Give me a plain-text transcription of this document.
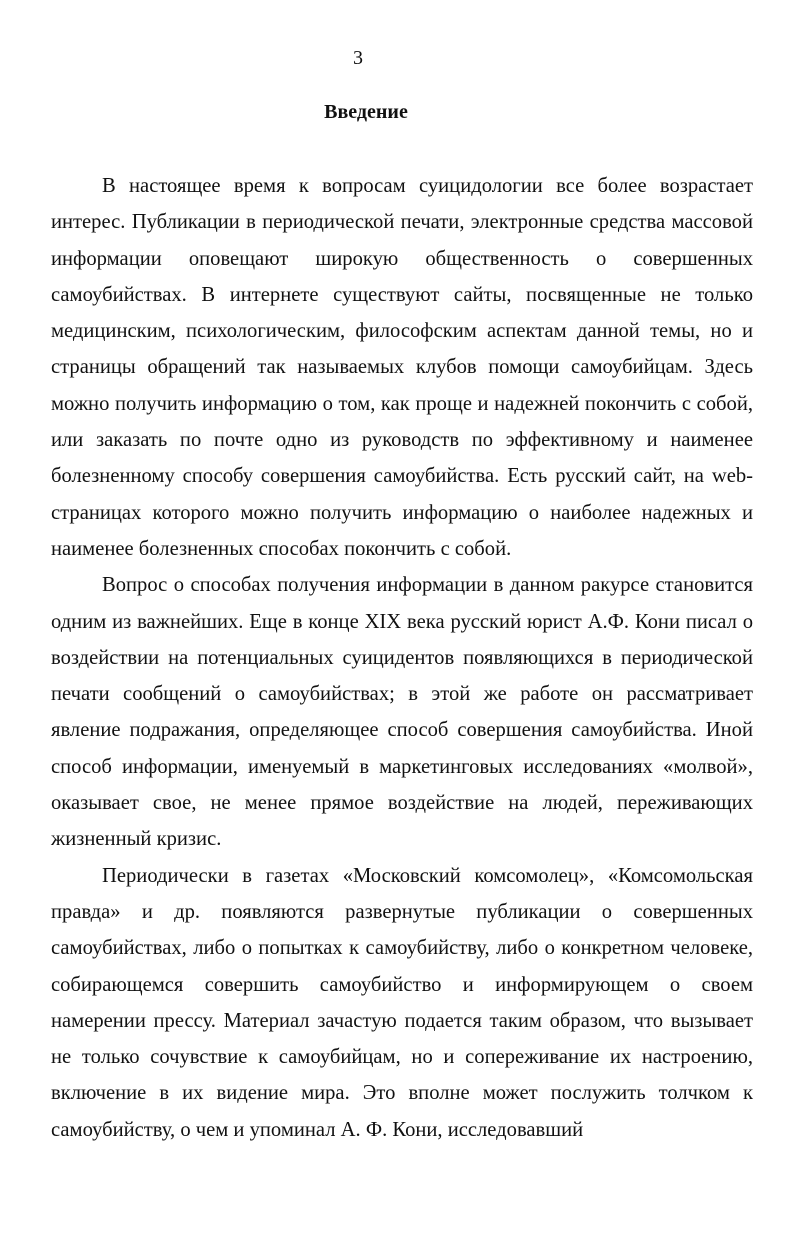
3
Введение

В настоящее время к вопросам суицидологии все более возрастает интерес. Публикации в периодической печати, электронные средства массовой информации оповещают широкую общественность о совершенных самоубийствах. В интернете существуют сайты, посвященные не только медицинским, психологическим, философским аспектам данной темы, но и страницы обращений так называемых клубов помощи самоубийцам. Здесь можно получить информацию о том, как проще и надежней покончить с собой, или заказать по почте одно из руководств по эффективному и наименее болезненному способу совершения самоубийства. Есть русский сайт, на web-страницах которого можно получить информацию о наиболее надежных и наименее болезненных способах покончить с собой.

Вопрос о способах получения информации в данном ракурсе становится одним из важнейших. Еще в конце XIX века русский юрист А.Ф. Кони писал о воздействии на потенциальных суицидентов появляющихся в периодической печати сообщений о самоубийствах; в этой же работе он рассматривает явление подражания, определяющее способ совершения самоубийства. Иной способ информации, именуемый в маркетинговых исследованиях «молвой», оказывает свое, не менее прямое воздействие на людей, переживающих жизненный кризис.

Периодически в газетах «Московский комсомолец», «Комсомольская правда» и др. появляются развернутые публикации о совершенных самоубийствах, либо о попытках к самоубийству, либо о конкретном человеке, собирающемся совершить самоубийство и информирующем о своем намерении прессу. Материал зачастую подается таким образом, что вызывает не только сочувствие к самоубийцам, но и сопереживание их настроению, включение в их видение мира. Это вполне может послужить толчком к самоубийству, о чем и упоминал А. Ф. Кони, исследовавший
